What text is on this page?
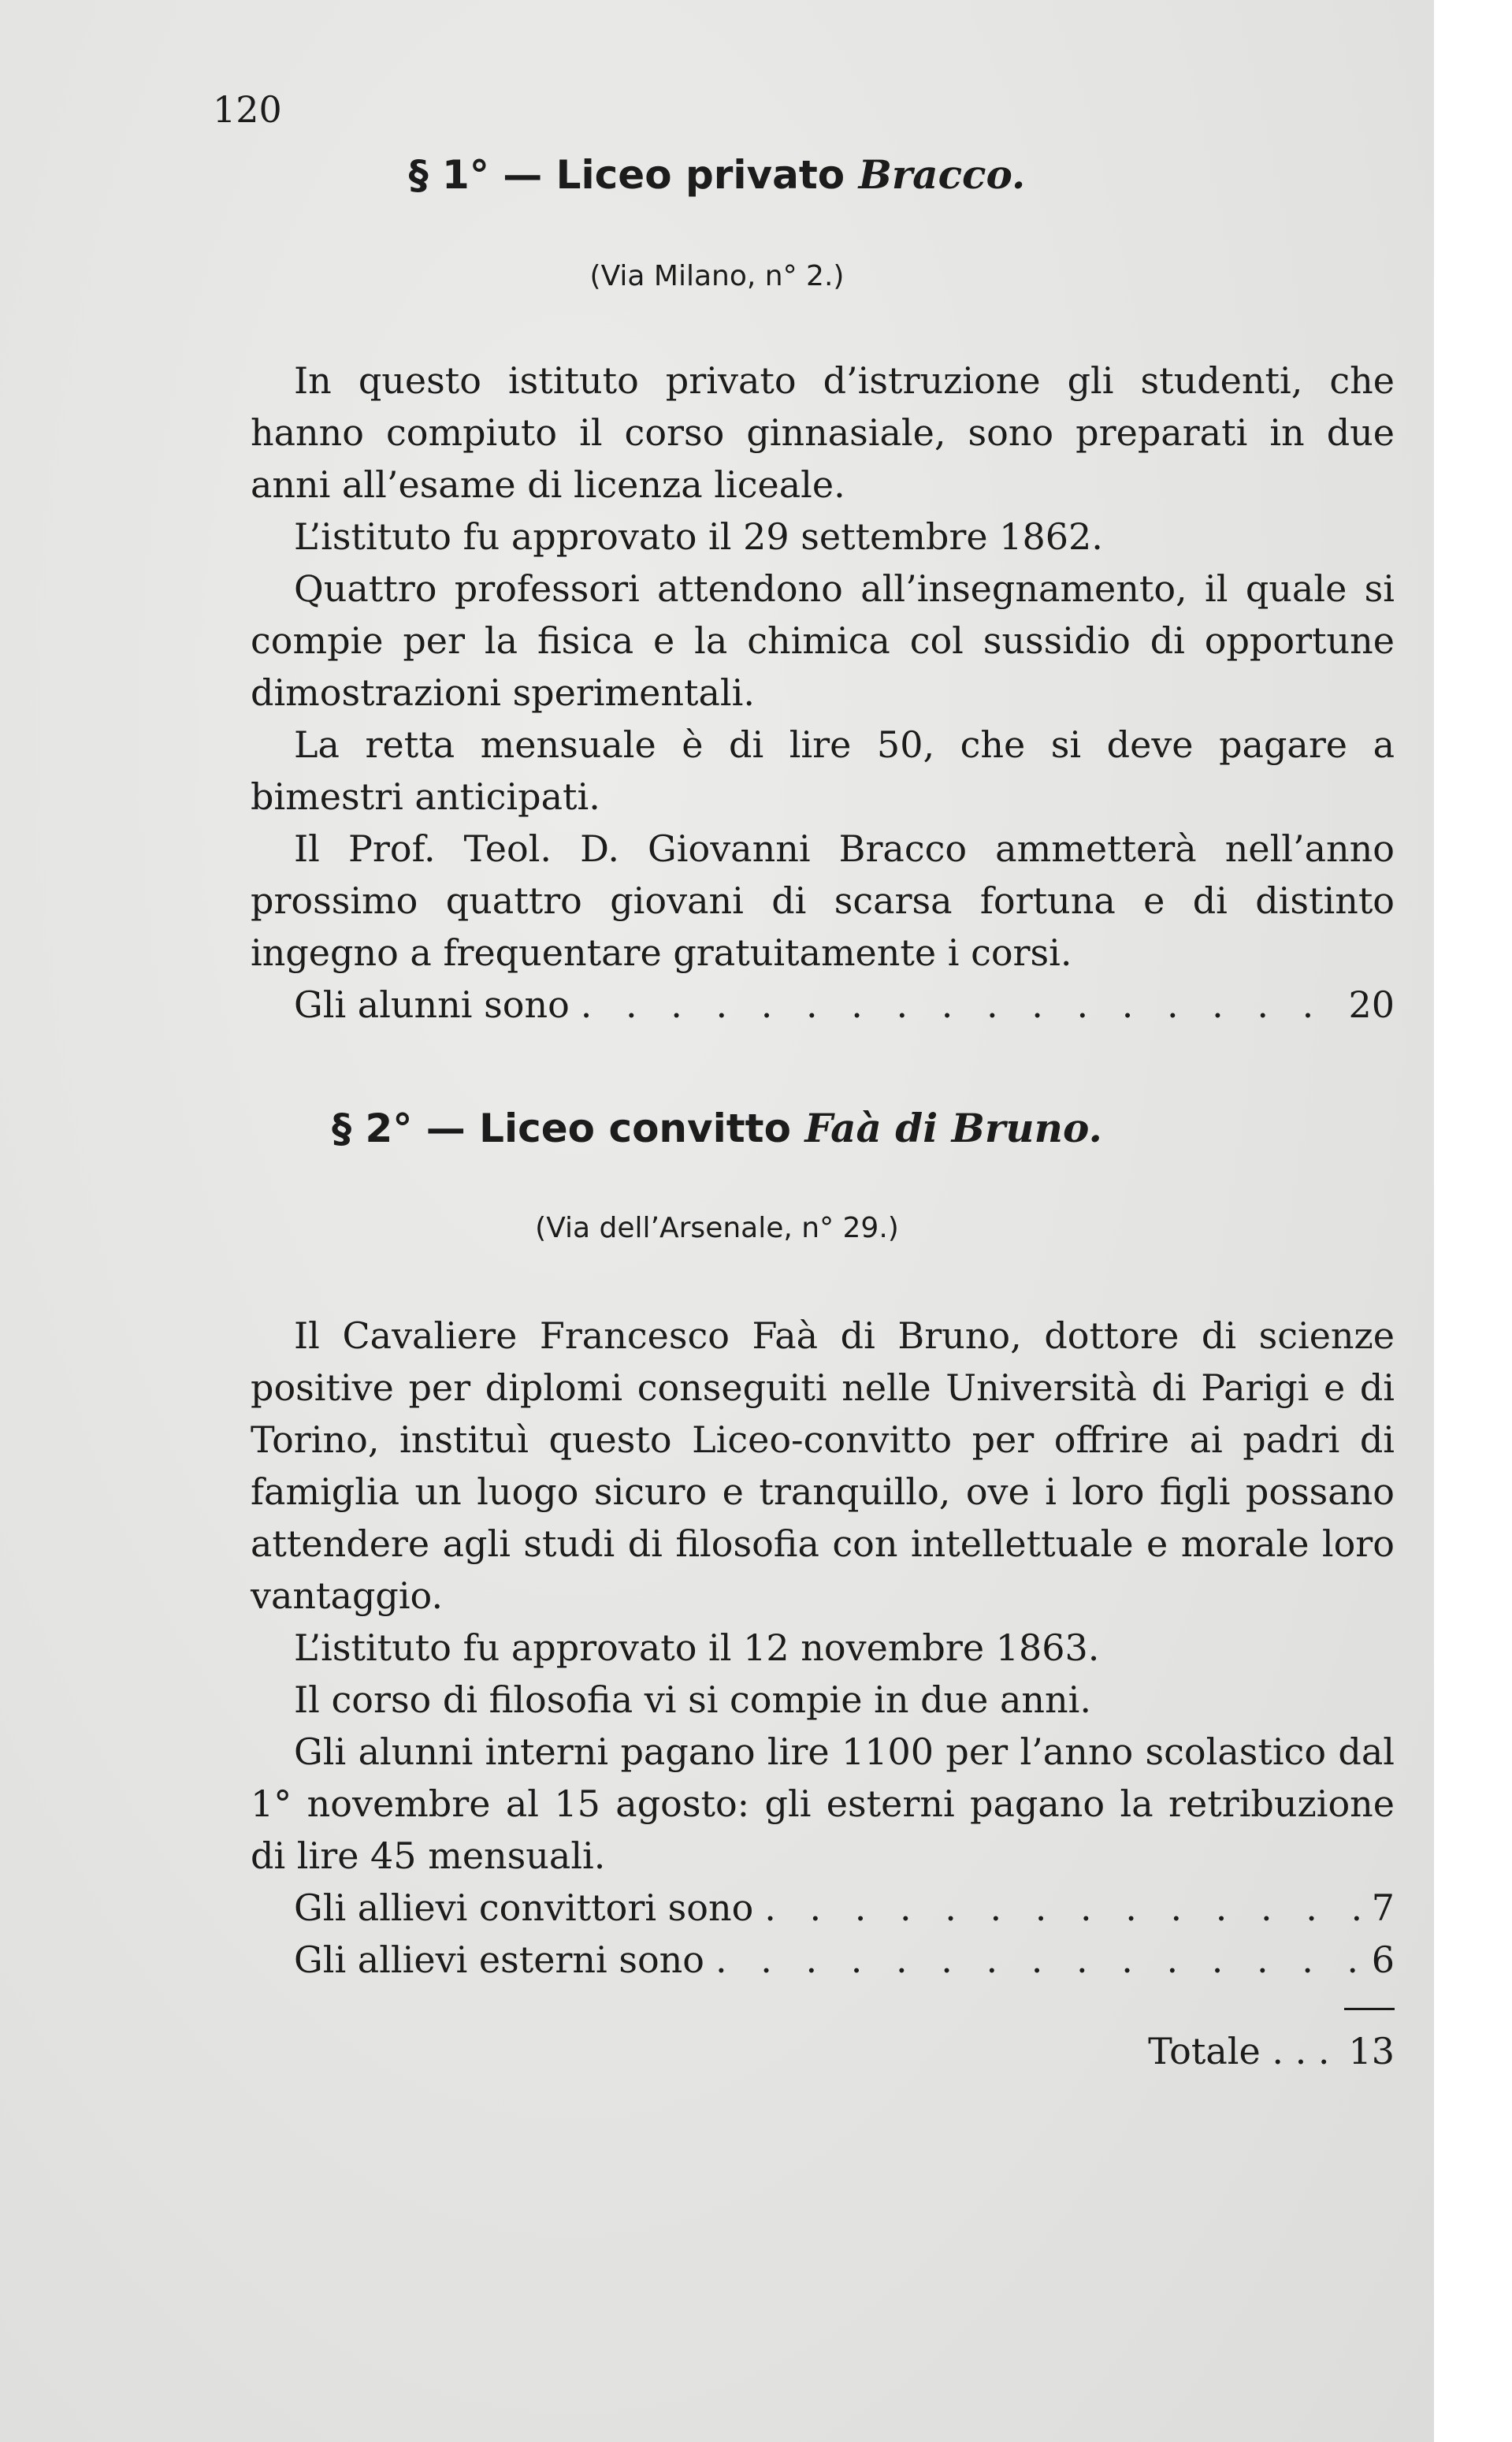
120
§ 1° — Liceo privato Bracco.
(Via Milano, n° 2.)

In questo istituto privato d’istruzione gli studenti, che hanno compiuto il corso ginnasiale, sono preparati in due anni all’esame di licenza liceale.

L’istituto fu approvato il 29 settembre 1862.

Quattro professori attendono all’insegnamento, il quale si compie per la fisica e la chimica col sussidio di opportune dimostrazioni sperimentali.

La retta mensuale è di lire 50, che si deve pagare a bimestri anticipati.

Il Prof. Teol. D. Giovanni Bracco ammetterà nell’anno prossimo quattro giovani di scarsa fortuna e di distinto ingegno a frequentare gratuitamente i corsi.

Gli alunni sono . . .	20
§ 2° — Liceo convitto Faà di Bruno.
(Via dell’Arsenale, n° 29.)

Il Cavaliere Francesco Faà di Bruno, dottore di scienze positive per diplomi conseguiti nelle Università di Parigi e di Torino, instituì questo Liceo-convitto per offrire ai padri di famiglia un luogo sicuro e tranquillo, ove i loro figli possano attendere agli studi di filosofia con intellettuale e morale loro vantaggio.

L’istituto fu approvato il 12 novembre 1863.

Il corso di filosofia vi si compie in due anni.

Gli alunni interni pagano lire 1100 per l’anno scolastico dal 1° novembre al 15 agosto: gli esterni pagano la retribuzione di lire 45 mensuali.

Gli allievi convittori sono . . .	7
Gli allievi esterni sono . . .	6
Totale . . . 13
